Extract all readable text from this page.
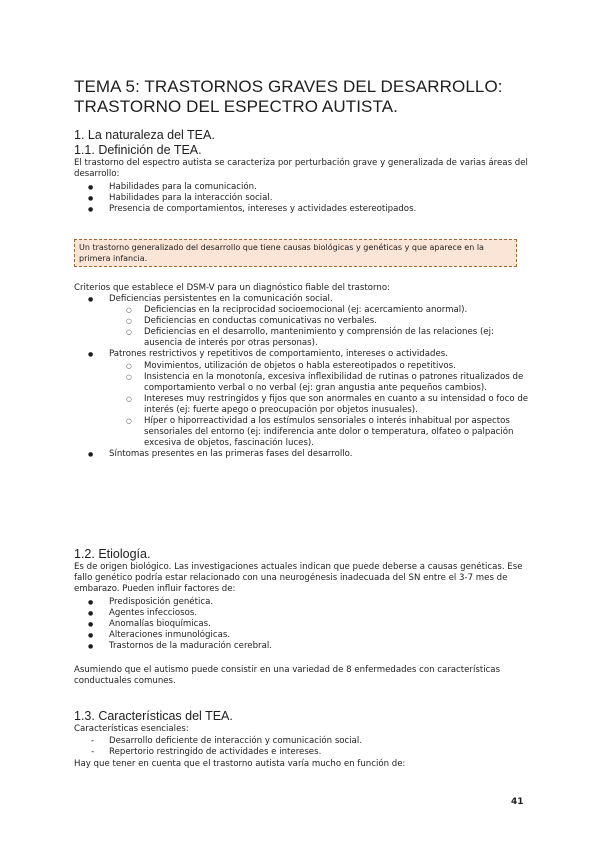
TEMA 5: TRASTORNOS GRAVES DEL DESARROLLO: TRASTORNO DEL ESPECTRO AUTISTA.
1. La naturaleza del TEA.
1.1. Definición de TEA.

El trastorno del espectro autista se caracteriza por perturbación grave y generalizada de varias áreas del desarrollo:

● Habilidades para la comunicación.
● Habilidades para la interacción social.
● Presencia de comportamientos, intereses y actividades estereotipados.
Un trastorno generalizado del desarrollo que tiene causas biológicas y genéticas y que aparece en la primera infancia.

Criterios que establece el DSM-V para un diagnóstico fiable del trastorno:

● Deficiencias persistentes en la comunicación social.
○ Deficiencias en la reciprocidad socioemocional (ej: acercamiento anormal).
○ Deficiencias en conductas comunicativas no verbales.
○ Deficiencias en el desarrollo, mantenimiento y comprensión de las relaciones (ej: ausencia de interés por otras personas).
● Patrones restrictivos y repetitivos de comportamiento, intereses o actividades.
○ Movimientos, utilización de objetos o habla estereotipados o repetitivos.
○ Insistencia en la monotonía, excesiva inflexibilidad de rutinas o patrones ritualizados de comportamiento verbal o no verbal (ej: gran angustia ante pequeños cambios).
○ Intereses muy restringidos y fijos que son anormales en cuanto a su intensidad o foco de interés (ej: fuerte apego o preocupación por objetos inusuales).
○ Híper o hiporreactividad a los estímulos sensoriales o interés inhabitual por aspectos sensoriales del entorno (ej: indiferencia ante dolor o temperatura, olfateo o palpación excesiva de objetos, fascinación luces).
● Síntomas presentes en las primeras fases del desarrollo.
1.2. Etiología.

Es de origen biológico. Las investigaciones actuales indican que puede deberse a causas genéticas. Ese fallo genético podría estar relacionado con una neurogénesis inadecuada del SN entre el 3-7 mes de embarazo. Pueden influir factores de:

● Predisposición genética.
● Agentes infecciosos.
● Anomalías bioquímicas.
● Alteraciones inmunológicas.
● Trastornos de la maduración cerebral.

Asumiendo que el autismo puede consistir en una variedad de 8 enfermedades con características conductuales comunes.

1.3. Características del TEA.

Características esenciales:

- Desarrollo deficiente de interacción y comunicación social.
- Repertorio restringido de actividades e intereses.

Hay que tener en cuenta que el trastorno autista varía mucho en función de:

41
